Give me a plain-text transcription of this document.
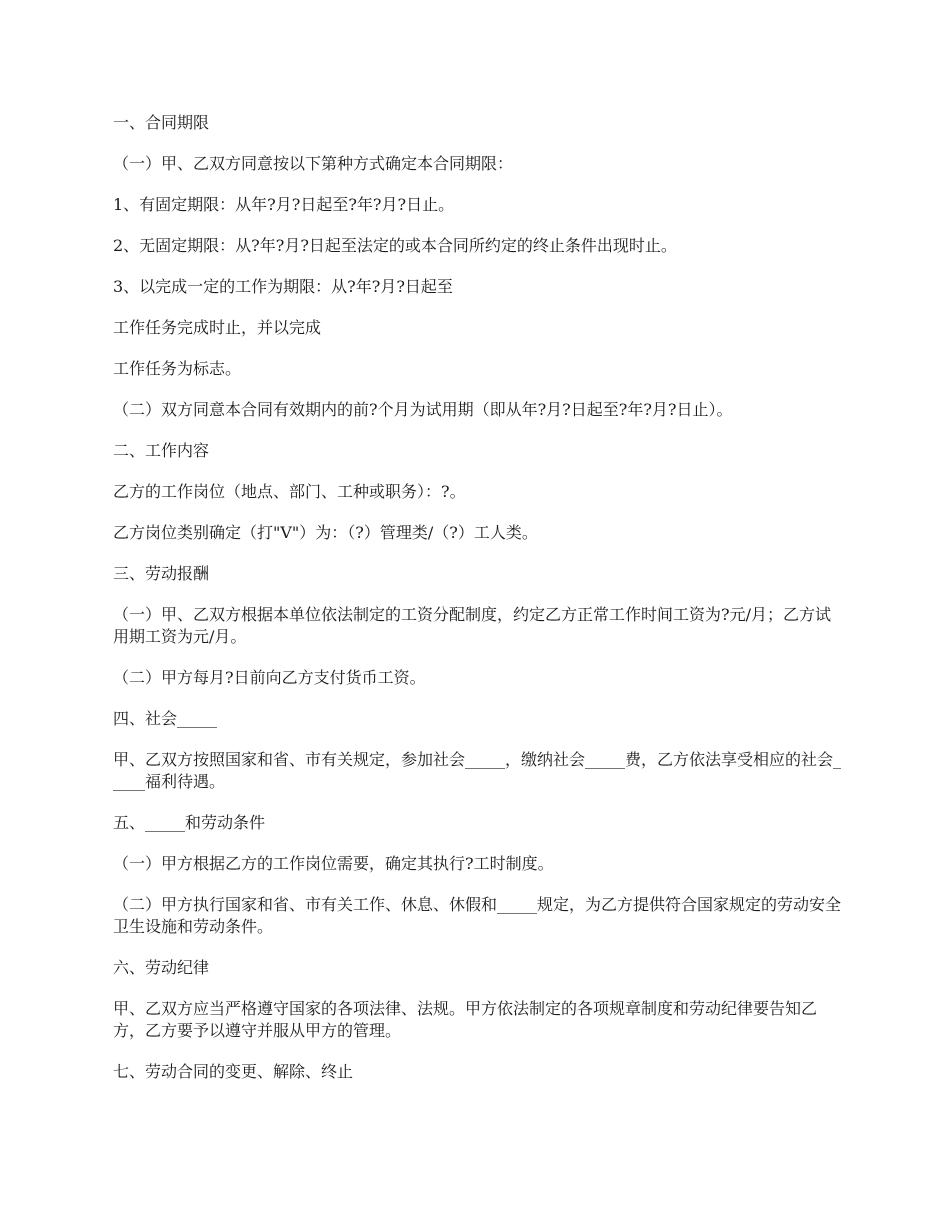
一、合同期限

（一）甲、乙双方同意按以下第种方式确定本合同期限：

1、有固定期限：从年?月?日起至?年?月?日止。

2、无固定期限：从?年?月?日起至法定的或本合同所约定的终止条件出现时止。

3、以完成一定的工作为期限：从?年?月?日起至

工作任务完成时止，并以完成

工作任务为标志。

（二）双方同意本合同有效期内的前?个月为试用期（即从年?月?日起至?年?月?日止）。

二、工作内容

乙方的工作岗位（地点、部门、工种或职务）：?。

乙方岗位类别确定（打"V"）为：（?）管理类/（?）工人类。

三、劳动报酬

（一）甲、乙双方根据本单位依法制定的工资分配制度，约定乙方正常工作时间工资为?元/月；乙方试用期工资为元/月。

（二）甲方每月?日前向乙方支付货币工资。

四、社会_____

甲、乙双方按照国家和省、市有关规定，参加社会_____，缴纳社会_____费，乙方依法享受相应的社会_____福利待遇。

五、_____和劳动条件

（一）甲方根据乙方的工作岗位需要，确定其执行?工时制度。

（二）甲方执行国家和省、市有关工作、休息、休假和_____规定，为乙方提供符合国家规定的劳动安全卫生设施和劳动条件。

六、劳动纪律

甲、乙双方应当严格遵守国家的各项法律、法规。甲方依法制定的各项规章制度和劳动纪律要告知乙方，乙方要予以遵守并服从甲方的管理。

七、劳动合同的变更、解除、终止
